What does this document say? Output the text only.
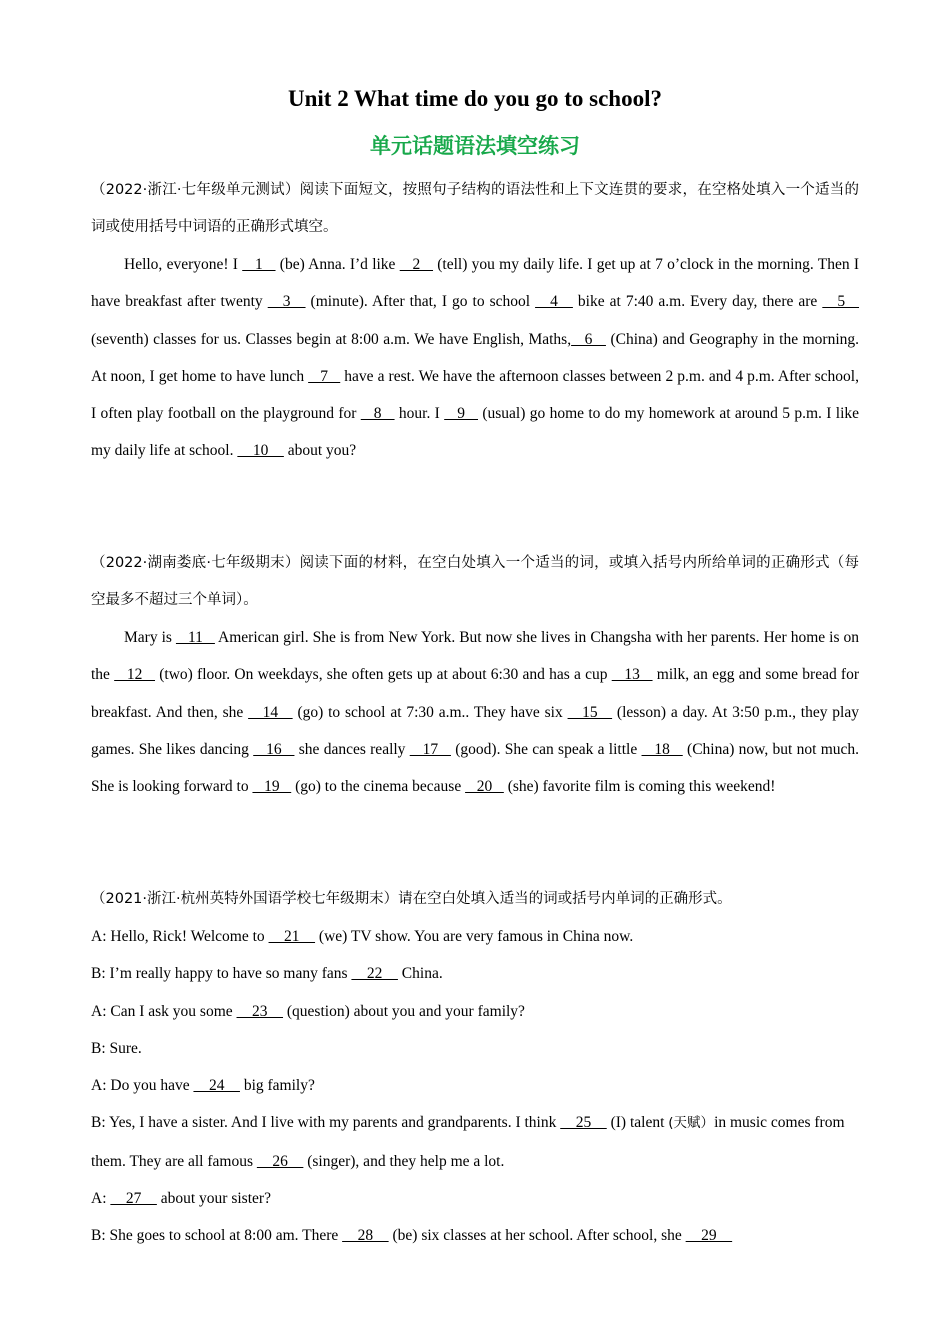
Unit 2 What time do you go to school?
单元话题语法填空练习

（2022·浙江·七年级单元测试）阅读下面短文，按照句子结构的语法性和上下文连贯的要求，在空格处填入一个适当的词或使用括号中词语的正确形式填空。

Hello, everyone! I    1    (be) Anna. I’d like    2    (tell) you my daily life. I get up at 7 o’clock in the morning. Then I have breakfast after twenty    3    (minute). After that, I go to school    4    bike at 7:40 a.m. Every day, there are    5    (seventh) classes for us. Classes begin at 8:00 a.m. We have English, Maths,   6    (China) and Geography in the morning. At noon, I get home to have lunch    7    have a rest. We have the afternoon classes between 2 p.m. and 4 p.m. After school, I often play football on the playground for    8    hour. I    9    (usual) go home to do my homework at around 5 p.m. I like my daily life at school.     10     about you?

（2022·湖南娄底·七年级期末）阅读下面的材料，在空白处填入一个适当的词，或填入括号内所给单词的正确形式（每空最多不超过三个单词）。

Mary is    11    American girl. She is from New York. But now she lives in Changsha with her parents. Her home is on the    12    (two) floor. On weekdays, she often gets up at about 6:30 and has a cup    13    milk, an egg and some bread for breakfast. And then, she    14    (go) to school at 7:30 a.m.. They have six    15    (lesson) a day. At 3:50 p.m., they play games. She likes dancing    16    she dances really    17    (good). She can speak a little    18    (China) now, but not much. She is looking forward to    19    (go) to the cinema because    20    (she) favorite film is coming this weekend!

（2021·浙江·杭州英特外国语学校七年级期末）请在空白处填入适当的词或括号内单词的正确形式。

A: Hello, Rick! Welcome to     21     (we) TV show. You are very famous in China now.

B: I’m really happy to have so many fans     22     China.

A: Can I ask you some     23     (question) about you and your family?

B: Sure.

A: Do you have     24     big family?

B: Yes, I have a sister. And I live with my parents and grandparents. I think     25     (I) talent (天赋）in music comes from them. They are all famous     26     (singer), and they help me a lot.

A:     27     about your sister?

B: She goes to school at 8:00 am. There     28     (be) six classes at her school. After school, she     29
